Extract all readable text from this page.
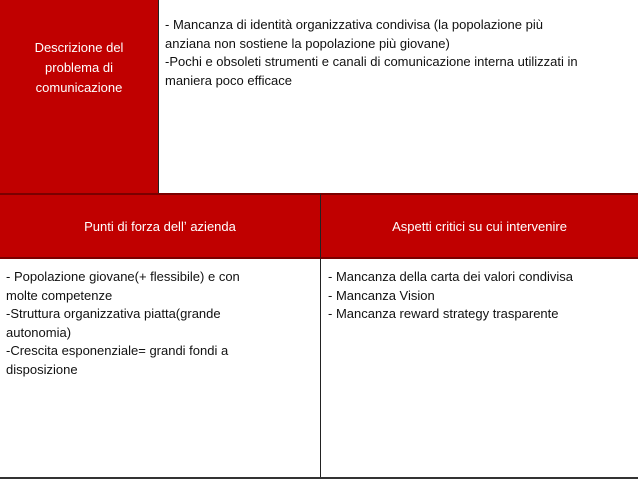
Descrizione del
problema di
comunicazione
- Mancanza di identità organizzativa condivisa (la popolazione più
anziana non sostiene la popolazione più giovane)
-Pochi e obsoleti strumenti e canali di comunicazione interna utilizzati in
maniera poco efficace
Punti di forza dellʼ azienda	Aspetti critici su cui intervenire
- Popolazione giovane(+ flessibile) e con
molte competenze
-Struttura organizzativa piatta(grande
autonomia)
-Crescita esponenziale= grandi fondi a
disposizione
- Mancanza della carta dei valori condivisa
- Mancanza Vision
- Mancanza reward strategy trasparente
